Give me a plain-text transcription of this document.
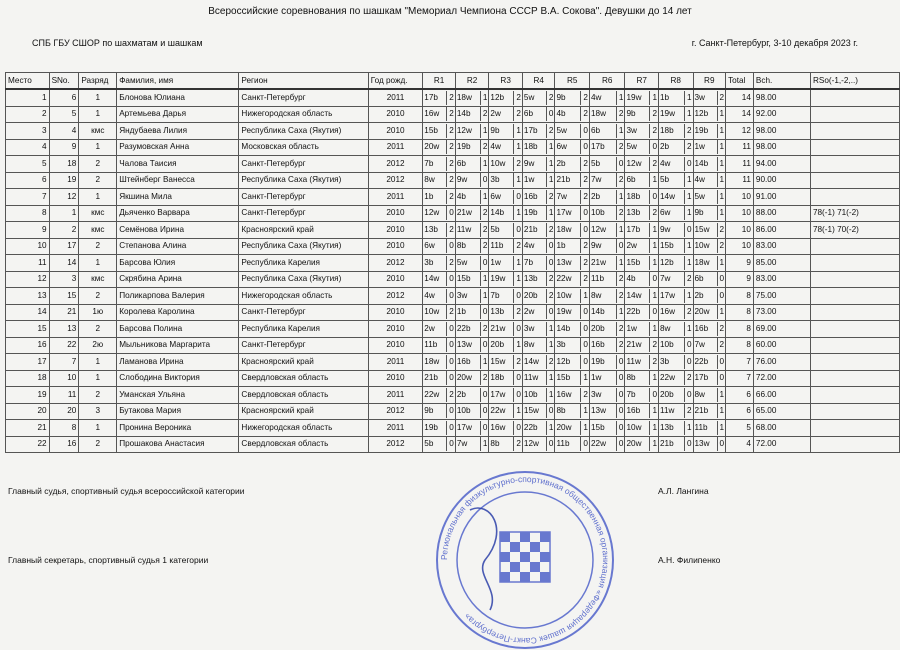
Всероссийские соревнования по шашкам "Мемориал Чемпиона СССР В.А. Сокова". Девушки до 14 лет
СПБ ГБУ СШОР по шахматам и шашкам	г. Санкт-Петербург, 3-10 декабря 2023 г.
Место	SNo.	Разряд	Фамилия, имя	Регион	Год рожд.	R1	R2	R3	R4	R5	R6	R7	R8	R9	Total	Bch.	RSo(-1,-2,..)
1	6	1	Блонова Юлиана	Санкт-Петербург	2011	17b 2	18w 1	12b 2	5w 2	9b 2	4w 1	19w 1	1b 1	3w 2	14	98.00	
2	5	1	Артемьева Дарья	Нижегородская область	2010	16w 2	14b 2	2w 2	6b 0	4b 2	18w 2	9b 2	19w 1	12b 1	14	92.00	
3	4	кмс	Яндубаева Лилия	Республика Саха (Якутия)	2010	15b 2	12w 1	9b 1	17b 2	5w 0	6b 1	3w 2	18b 2	19b 1	12	98.00	
4	9	1	Разумовская Анна	Московская область	2011	20w 2	19b 2	4w 1	18b 1	6w 0	17b 2	5w 0	2b 2	1w 1	11	98.00	
5	18	2	Чалова Таисия	Санкт-Петербург	2012	7b 2	6b 1	10w 2	9w 1	2b 2	5b 0	12w 2	4w 0	14b 1	11	94.00	
6	19	2	Штейнберг Ванесса	Республика Саха (Якутия)	2012	8w 2	9w 0	3b 1	1w 1	21b 2	7w 2	6b 1	5b 1	4w 1	11	90.00	
7	12	1	Якшина Мила	Санкт-Петербург	2011	1b 2	4b 1	6w 0	16b 2	7w 2	2b 1	18b 0	14w 1	5w 1	10	91.00	
8	1	кмс	Дьяченко Варвара	Санкт-Петербург	2010	12w 0	21w 2	14b 1	19b 1	17w 0	10b 2	13b 2	6w 1	9b 1	10	88.00	78(-1) 71(-2)
9	2	кмс	Семёнова Ирина	Красноярский край	2010	13b 2	11w 2	5b 0	21b 2	18w 0	12w 1	17b 1	9w 0	15w 2	10	86.00	78(-1) 70(-2)
10	17	2	Степанова Алина	Республика Саха (Якутия)	2010	6w 0	8b 2	11b 2	4w 0	1b 2	9w 0	2w 1	15b 1	10w 2	10	83.00	
11	14	1	Барсова Юлия	Республика Карелия	2012	3b 2	5w 0	1w 1	7b 0	13w 2	21w 1	15b 1	12b 1	18w 1	9	85.00	
12	3	кмс	Скрябина Арина	Республика Саха (Якутия)	2010	14w 0	15b 1	19w 1	13b 2	22w 2	11b 2	4b 0	7w 2	6b 0	9	83.00	
13	15	2	Поликарпова Валерия	Нижегородская область	2012	4w 0	3w 1	7b 0	20b 2	10w 1	8w 2	14w 1	17w 1	2b 0	8	75.00	
14	21	1ю	Королева Каролина	Санкт-Петербург	2010	10w 2	1b 0	13b 2	2w 0	19w 0	14b 1	22b 0	16w 2	20w 1	8	73.00	
15	13	2	Барсова Полина	Республика Карелия	2010	2w 0	22b 2	21w 0	3w 1	14b 0	20b 2	1w 1	8w 1	16b 2	8	69.00	
16	22	2ю	Мыльникова Маргарита	Санкт-Петербург	2010	11b 0	13w 0	20b 1	8w 1	3b 0	16b 2	21w 2	10b 0	7w 2	8	60.00	
17	7	1	Ламанова Ирина	Красноярский край	2011	18w 0	16b 1	15w 2	14w 2	12b 0	19b 0	11w 2	3b 0	22b 0	7	76.00	
18	10	1	Слободина Виктория	Свердловская область	2010	21b 0	20w 2	18b 0	11w 1	15b 1	1w 0	8b 1	22w 2	17b 0	7	72.00	
19	11	2	Уманская Ульяна	Свердловская область	2011	22w 2	2b 0	17w 0	10b 1	16w 2	3w 0	7b 0	20b 0	8w 1	6	66.00	
20	20	3	Бутакова Мария	Красноярский край	2012	9b 0	10b 0	22w 1	15w 0	8b 1	13w 0	16b 1	11w 2	21b 1	6	65.00	
21	8	1	Пронина Вероника	Нижегородская область	2011	19b 0	17w 0	16w 0	22b 1	20w 1	15b 0	10w 1	13b 1	11b 1	5	68.00	
22	16	2	Прошакова Анастасия	Свердловская область	2012	5b 0	7w 1	8b 2	12w 0	11b 0	22w 0	20w 1	21b 0	13w 0	4	72.00	
Главный судья, спортивный судья всероссийской категории	А.Л. Лангина
Главный секретарь, спортивный судья 1 категории	А.Н. Филипенко
Региональная физкультурно-спортивная общественная организация «Федерация шашек Санкт-Петербурга»
